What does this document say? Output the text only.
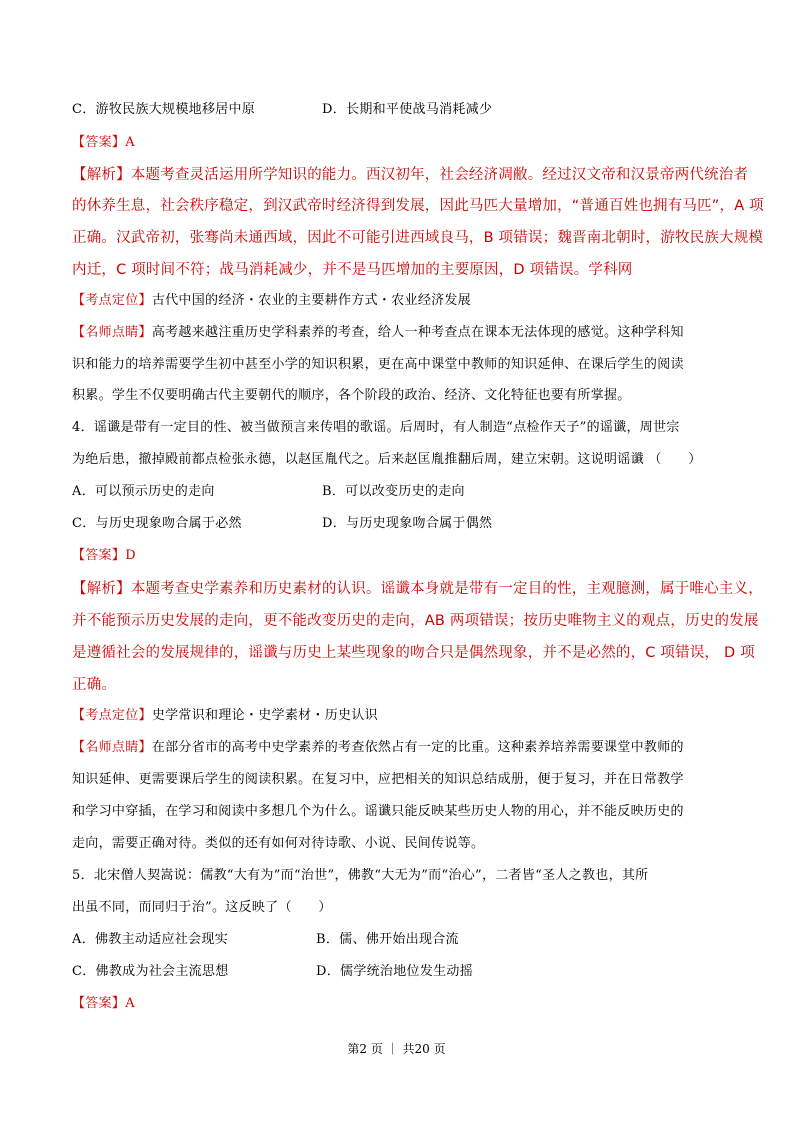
C．游牧民族大规模地移居中原	D．长期和平使战马消耗减少
【答案】A
【解析】本题考查灵活运用所学知识的能力。西汉初年，社会经济凋敝。经过汉文帝和汉景帝两代统治者
的休养生息，社会秩序稳定，到汉武帝时经济得到发展，因此马匹大量增加，“普通百姓也拥有马匹”，A 项
正确。汉武帝初，张骞尚未通西域，因此不可能引进西域良马，B 项错误；魏晋南北朝时，游牧民族大规模
内迁，C 项时间不符；战马消耗减少，并不是马匹增加的主要原因，D 项错误。学科网
【考点定位】古代中国的经济・农业的主要耕作方式・农业经济发展
【名师点睛】高考越来越注重历史学科素养的考查，给人一种考查点在课本无法体现的感觉。这种学科知
识和能力的培养需要学生初中甚至小学的知识积累，更在高中课堂中教师的知识延伸、在课后学生的阅读
积累。学生不仅要明确古代主要朝代的顺序，各个阶段的政治、经济、文化特征也要有所掌握。
4．谣谶是带有一定目的性、被当做预言来传唱的歌谣。后周时，有人制造“点检作天子”的谣谶，周世宗
为绝后患，撤掉殿前都点检张永德，以赵匡胤代之。后来赵匡胤推翻后周，建立宋朝。这说明谣谶 （　　）
A．可以预示历史的走向	B．可以改变历史的走向
C．与历史现象吻合属于必然	D．与历史现象吻合属于偶然
【答案】D
【解析】本题考查史学素养和历史素材的认识。谣谶本身就是带有一定目的性，主观臆测，属于唯心主义，
并不能预示历史发展的走向，更不能改变历史的走向，AB 两项错误；按历史唯物主义的观点，历史的发展
是遵循社会的发展规律的，谣谶与历史上某些现象的吻合只是偶然现象，并不是必然的，C 项错误， D 项
正确。
【考点定位】史学常识和理论・史学素材・历史认识
【名师点睛】在部分省市的高考中史学素养的考查依然占有一定的比重。这种素养培养需要课堂中教师的
知识延伸、更需要课后学生的阅读积累。在复习中，应把相关的知识总结成册，便于复习，并在日常教学
和学习中穿插，在学习和阅读中多想几个为什么。谣谶只能反映某些历史人物的用心，并不能反映历史的
走向，需要正确对待。类似的还有如何对待诗歌、小说、民间传说等。
5．北宋僧人契嵩说：儒教“大有为”而“治世”，佛教“大无为”而“治心”，二者皆“圣人之教也，其所
出虽不同，而同归于治”。这反映了（　　）
A．佛教主动适应社会现实	B．儒、佛开始出现合流
C．佛教成为社会主流思想	D．儒学统治地位发生动摇
【答案】A
第2 页 ｜ 共20 页
